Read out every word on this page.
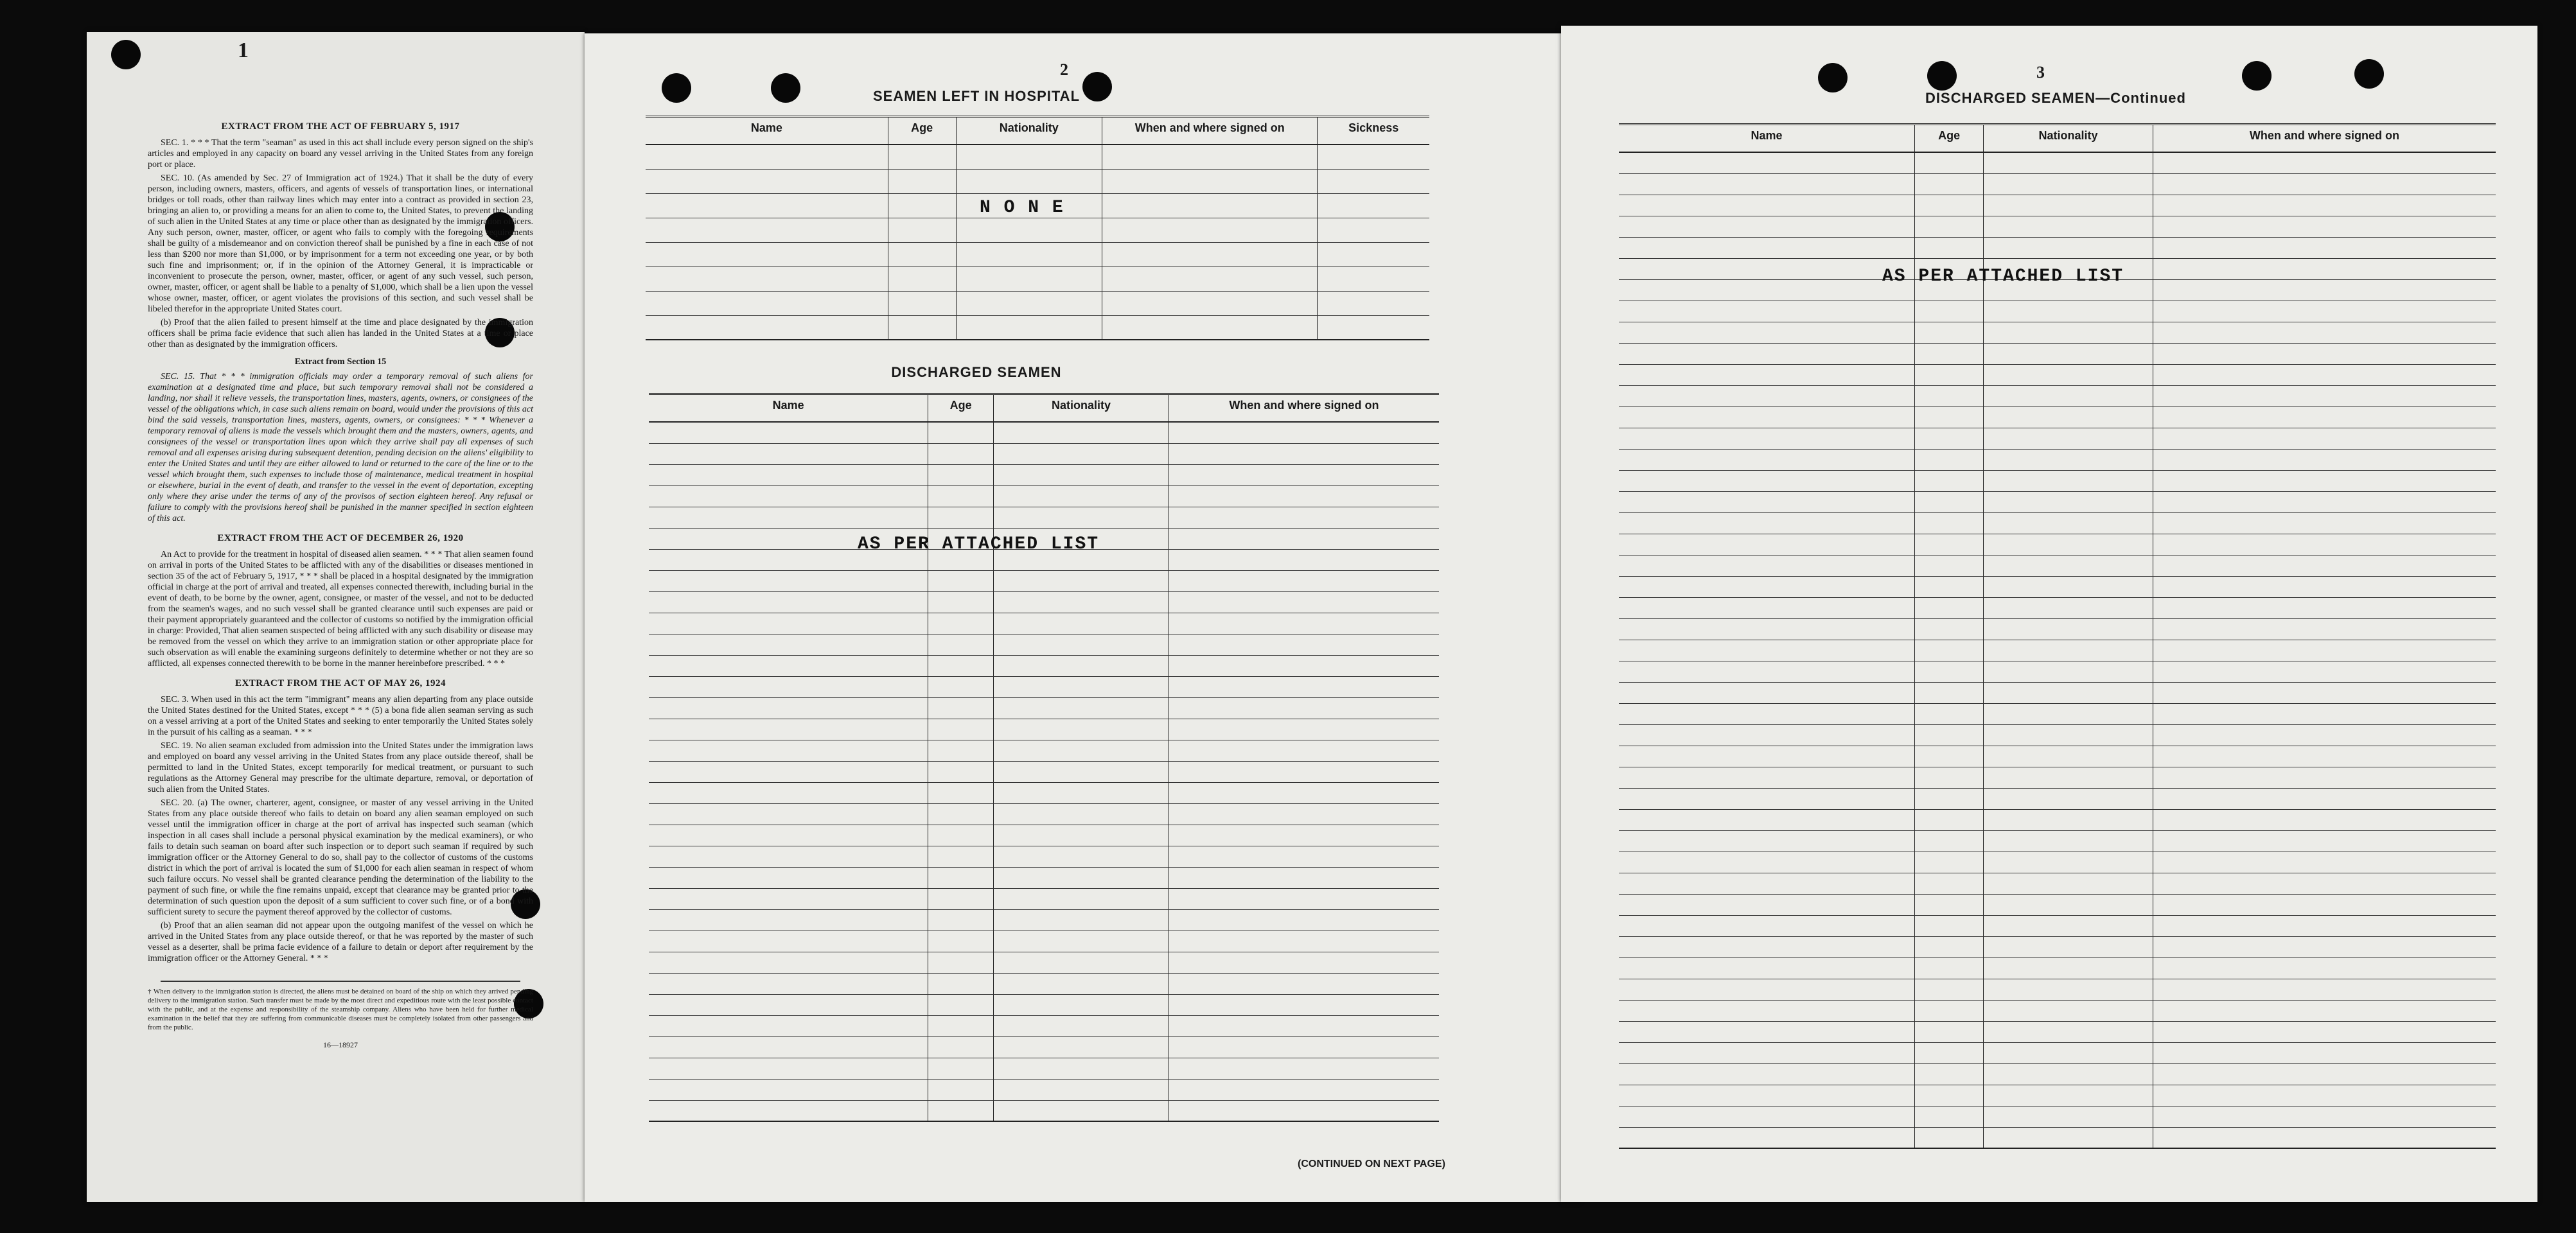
1
EXTRACT FROM THE ACT OF FEBRUARY 5, 1917

SEC. 1. * * * That the term "seaman" as used in this act shall include every person signed on the ship's articles and employed in any capacity on board any vessel arriving in the United States from any foreign port or place.

SEC. 10. (As amended by Sec. 27 of Immigration act of 1924.) That it shall be the duty of every person, including owners, masters, officers, and agents of vessels of transportation lines, or international bridges or toll roads, other than railway lines which may enter into a contract as provided in section 23, bringing an alien to, or providing a means for an alien to come to, the United States, to prevent the landing of such alien in the United States at any time or place other than as designated by the immigration officers. Any such person, owner, master, officer, or agent who fails to comply with the foregoing requirements shall be guilty of a misdemeanor and on conviction thereof shall be punished by a fine in each case of not less than $200 nor more than $1,000, or by imprisonment for a term not exceeding one year, or by both such fine and imprisonment; or, if in the opinion of the Attorney General, it is impracticable or inconvenient to prosecute the person, owner, master, officer, or agent of any such vessel, such person, owner, master, officer, or agent shall be liable to a penalty of $1,000, which shall be a lien upon the vessel whose owner, master, officer, or agent violates the provisions of this section, and such vessel shall be libeled therefor in the appropriate United States court.

(b) Proof that the alien failed to present himself at the time and place designated by the immigration officers shall be prima facie evidence that such alien has landed in the United States at a time or place other than as designated by the immigration officers.

Extract from Section 15

SEC. 15. That * * * immigration officials may order a temporary removal of such aliens for examination at a designated time and place, but such temporary removal shall not be considered a landing, nor shall it relieve vessels, the transportation lines, masters, agents, owners, or consignees of the vessel of the obligations which, in case such aliens remain on board, would under the provisions of this act bind the said vessels, transportation lines, masters, agents, owners, or consignees: * * * Whenever a temporary removal of aliens is made the vessels which brought them and the masters, owners, agents, and consignees of the vessel or transportation lines upon which they arrive shall pay all expenses of such removal and all expenses arising during subsequent detention, pending decision on the aliens' eligibility to enter the United States and until they are either allowed to land or returned to the care of the line or to the vessel which brought them, such expenses to include those of maintenance, medical treatment in hospital or elsewhere, burial in the event of death, and transfer to the vessel in the event of deportation, excepting only where they arise under the terms of any of the provisos of section eighteen hereof. Any refusal or failure to comply with the provisions hereof shall be punished in the manner specified in section eighteen of this act.

EXTRACT FROM THE ACT OF DECEMBER 26, 1920

An Act to provide for the treatment in hospital of diseased alien seamen. * * * That alien seamen found on arrival in ports of the United States to be afflicted with any of the disabilities or diseases mentioned in section 35 of the act of February 5, 1917, * * * shall be placed in a hospital designated by the immigration official in charge at the port of arrival and treated, all expenses connected therewith, including burial in the event of death, to be borne by the owner, agent, consignee, or master of the vessel, and not to be deducted from the seamen's wages, and no such vessel shall be granted clearance until such expenses are paid or their payment appropriately guaranteed and the collector of customs so notified by the immigration official in charge: Provided, That alien seamen suspected of being afflicted with any such disability or disease may be removed from the vessel on which they arrive to an immigration station or other appropriate place for such observation as will enable the examining surgeons definitely to determine whether or not they are so afflicted, all expenses connected therewith to be borne in the manner hereinbefore prescribed. * * *

EXTRACT FROM THE ACT OF MAY 26, 1924

SEC. 3. When used in this act the term "immigrant" means any alien departing from any place outside the United States destined for the United States, except * * * (5) a bona fide alien seaman serving as such on a vessel arriving at a port of the United States and seeking to enter temporarily the United States solely in the pursuit of his calling as a seaman. * * *

SEC. 19. No alien seaman excluded from admission into the United States under the immigration laws and employed on board any vessel arriving in the United States from any place outside thereof, shall be permitted to land in the United States, except temporarily for medical treatment, or pursuant to such regulations as the Attorney General may prescribe for the ultimate departure, removal, or deportation of such alien from the United States.

SEC. 20. (a) The owner, charterer, agent, consignee, or master of any vessel arriving in the United States from any place outside thereof who fails to detain on board any alien seaman employed on such vessel until the immigration officer in charge at the port of arrival has inspected such seaman (which inspection in all cases shall include a personal physical examination by the medical examiners), or who fails to detain such seaman on board after such inspection or to deport such seaman if required by such immigration officer or the Attorney General to do so, shall pay to the collector of customs of the customs district in which the port of arrival is located the sum of $1,000 for each alien seaman in respect of whom such failure occurs. No vessel shall be granted clearance pending the determination of the liability to the payment of such fine, or while the fine remains unpaid, except that clearance may be granted prior to the determination of such question upon the deposit of a sum sufficient to cover such fine, or of a bond with sufficient surety to secure the payment thereof approved by the collector of customs.

(b) Proof that an alien seaman did not appear upon the outgoing manifest of the vessel on which he arrived in the United States from any place outside thereof, or that he was reported by the master of such vessel as a deserter, shall be prima facie evidence of a failure to detain or deport after requirement by the immigration officer or the Attorney General. * * *

† When delivery to the immigration station is directed, the aliens must be detained on board of the ship on which they arrived pending delivery to the immigration station. Such transfer must be made by the most direct and expeditious route with the least possible contact with the public, and at the expense and responsibility of the steamship company. Aliens who have been held for further medical examination in the belief that they are suffering from communicable diseases must be completely isolated from other passengers and from the public.
16—18927
2
SEAMEN LEFT IN HOSPITAL
Name	Age	Nationality	When and where signed on	Sickness

N O N E
DISCHARGED SEAMEN
Name	Age	Nationality	When and where signed on

AS PER ATTACHED LIST
(CONTINUED ON NEXT PAGE)
3
DISCHARGED SEAMEN—Continued
Name	Age	Nationality	When and where signed on

AS PER ATTACHED LIST
